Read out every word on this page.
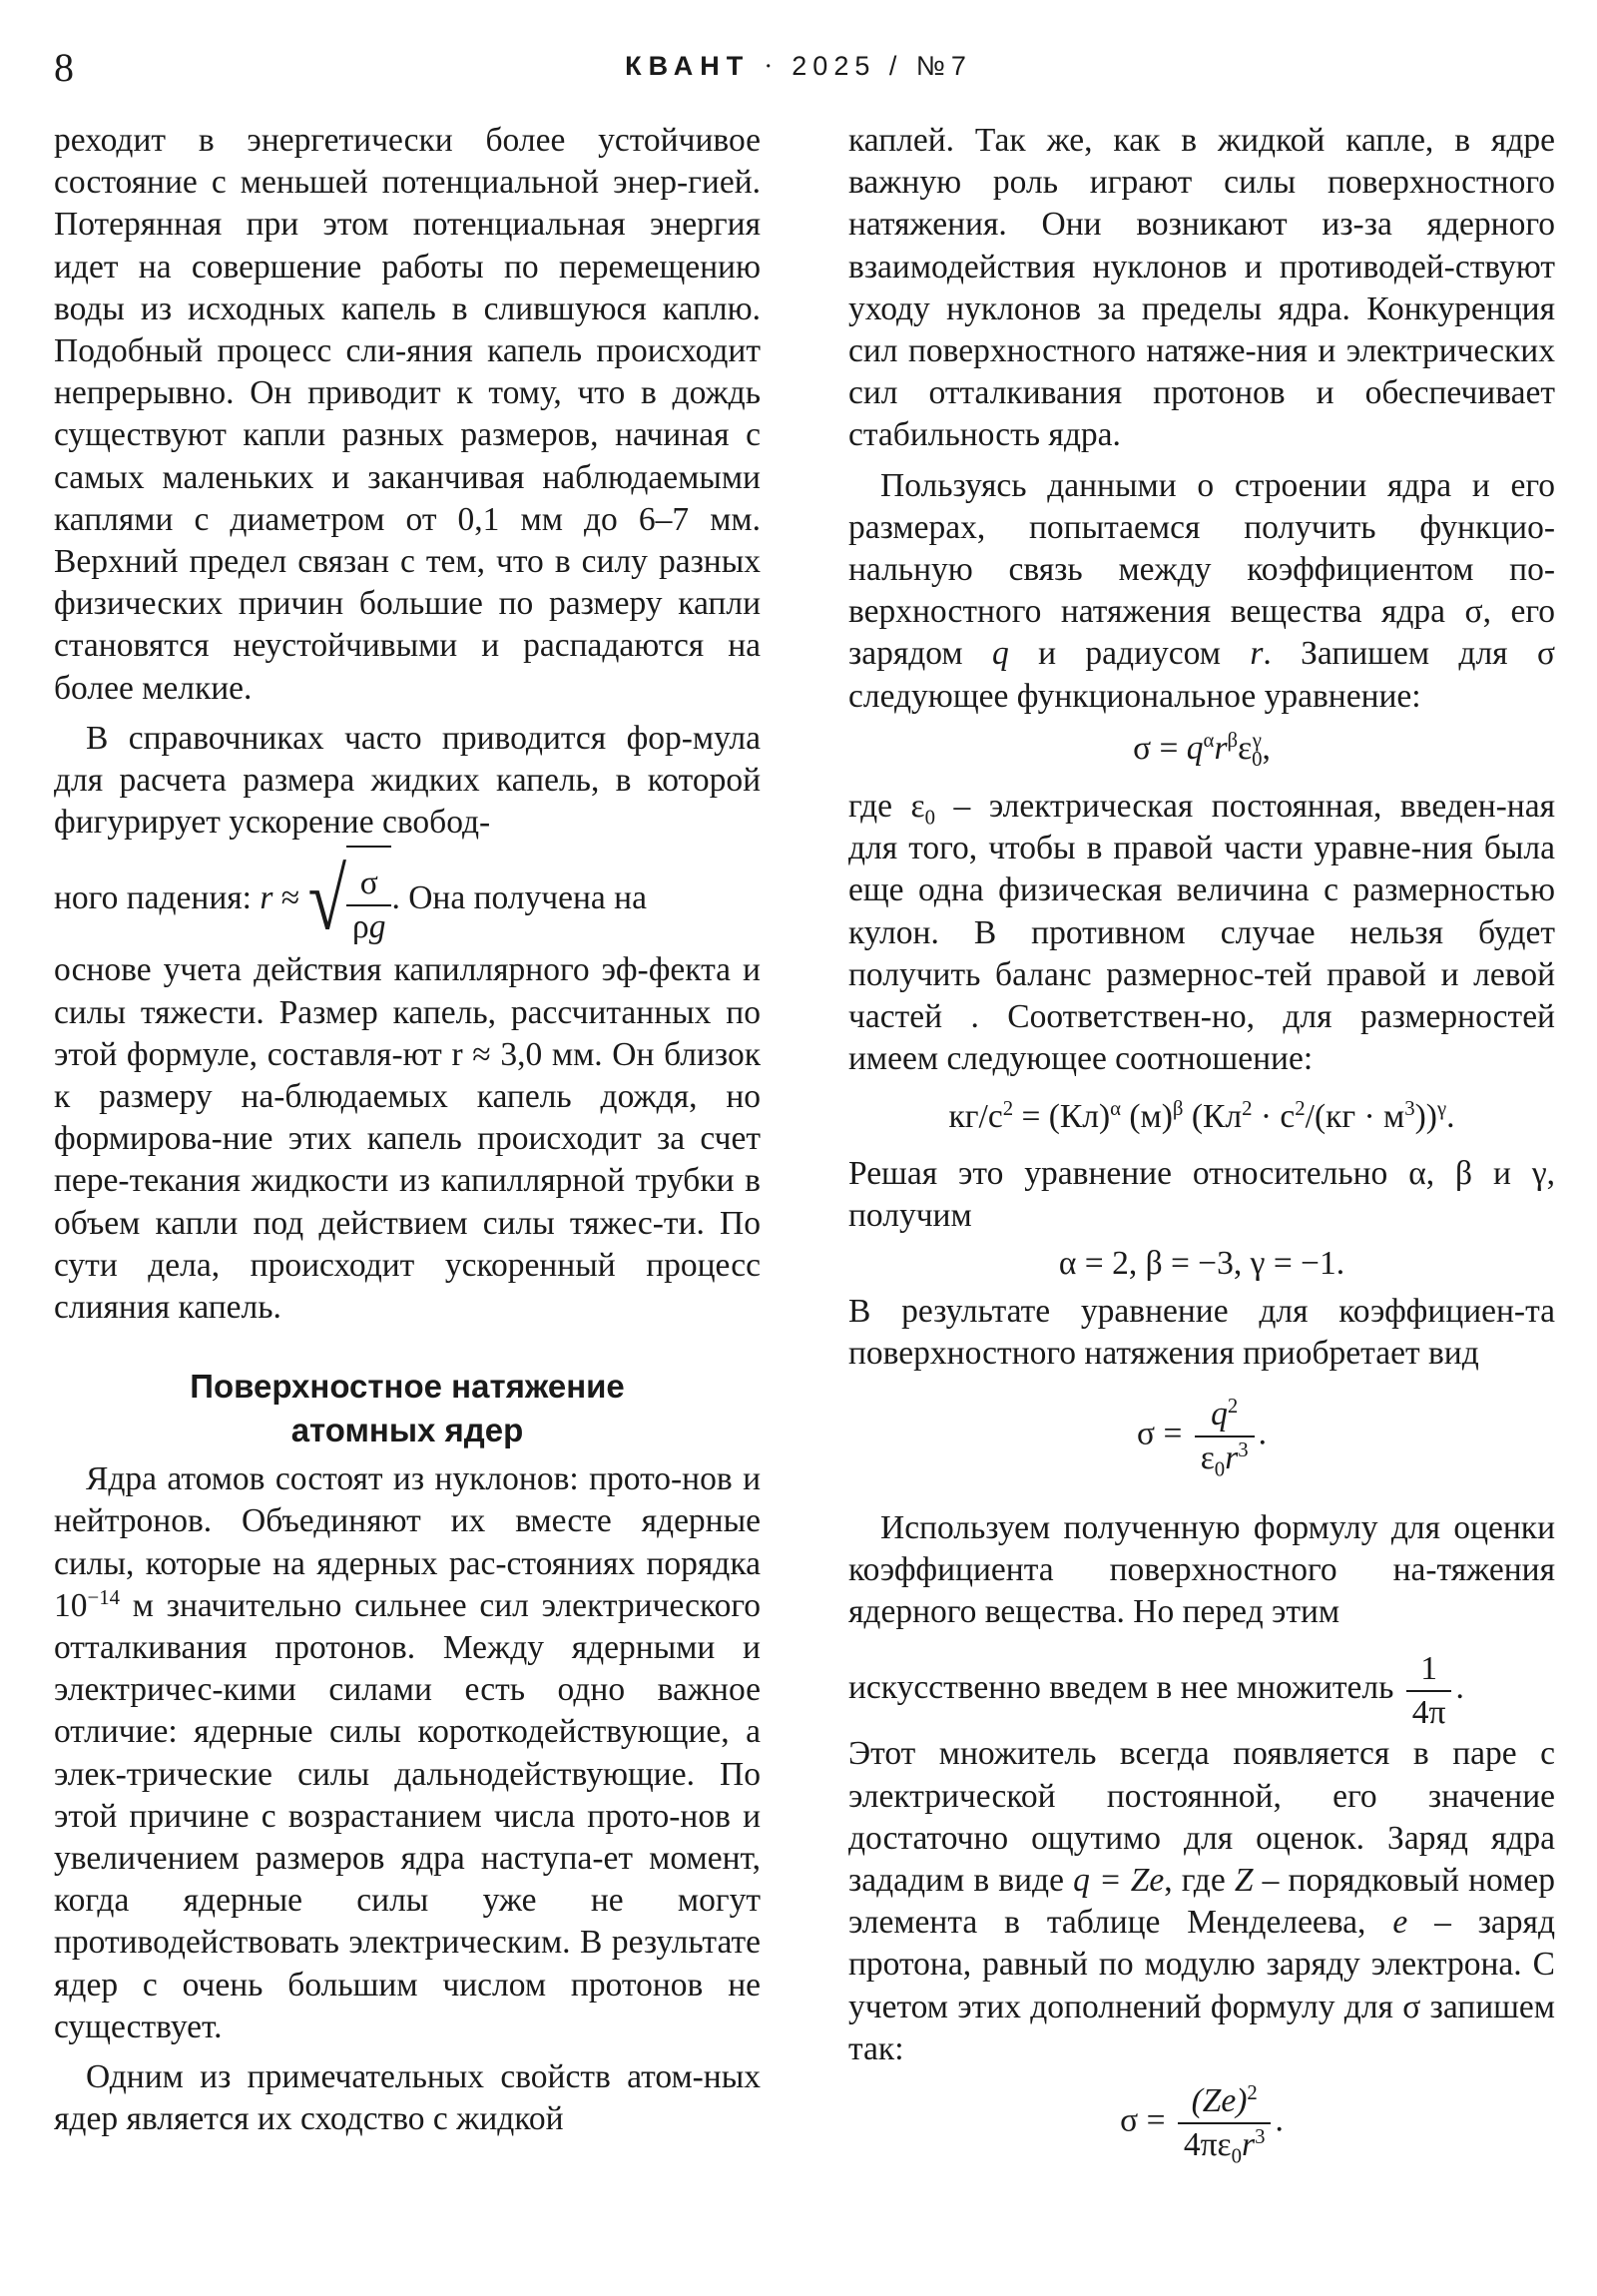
8	КВАНТ · 2025 / №7

реходит в энергетически более устойчивое состояние с меньшей потенциальной энер-гией. Потерянная при этом потенциальная энергия идет на совершение работы по перемещению воды из исходных капель в слившуюся каплю. Подобный процесс сли-яния капель происходит непрерывно. Он приводит к тому, что в дождь существуют капли разных размеров, начиная с самых маленьких и заканчивая наблюдаемыми каплями с диаметром от 0,1 мм до 6–7 мм. Верхний предел связан с тем, что в силу разных физических причин большие по размеру капли становятся неустойчивыми и распадаются на более мелкие.

В справочниках часто приводится фор-мула для расчета размера жидких капель, в которой фигурирует ускорение свобод-

ного падения: r ≈ √ $\frac{\sigma}{\rho g}$ . Она получена на

основе учета действия капиллярного эф-фекта и силы тяжести. Размер капель, рассчитанных по этой формуле, составля-ют r ≈ 3,0 мм. Он близок к размеру на-блюдаемых капель дождя, но формирова-ние этих капель происходит за счет пере-текания жидкости из капиллярной трубки в объем капли под действием силы тяжес-ти. По сути дела, происходит ускоренный процесс слияния капель.

Поверхностное натяжение
атомных ядер

Ядра атомов состоят из нуклонов: прото-нов и нейтронов. Объединяют их вместе ядерные силы, которые на ядерных рас-стояниях порядка $10^{-14}$ м значительно сильнее сил электрического отталкивания протонов. Между ядерными и электричес-кими силами есть одно важное отличие: ядерные силы короткодействующие, а элек-трические силы дальнодействующие. По этой причине с возрастанием числа прото-нов и увеличением размеров ядра наступа-ет момент, когда ядерные силы уже не могут противодействовать электрическим. В результате ядер с очень большим числом протонов не существует.

Одним из примечательных свойств атом-ных ядер является их сходство с жидкой

каплей. Так же, как в жидкой капле, в ядре важную роль играют силы поверхностного натяжения. Они возникают из-за ядерного взаимодействия нуклонов и противодей-ствуют уходу нуклонов за пределы ядра. Конкуренция сил поверхностного натяже-ния и электрических сил отталкивания протонов и обеспечивает стабильность ядра.

Пользуясь данными о строении ядра и его размерах, попытаемся получить функцио-нальную связь между коэффициентом по-верхностного натяжения вещества ядра σ, его зарядом q и радиусом r. Запишем для σ следующее функциональное уравнение:

$\sigma = q^\alpha r^\beta\varepsilon$ γ
0 ,

где $\varepsilon_0$ – электрическая постоянная, введен-ная для того, чтобы в правой части уравне-ния была еще одна физическая величина с размерностью кулон. В противном случае нельзя будет получить баланс размернос-тей правой и левой частей . Соответствен-но, для размерностей имеем следующее соотношение:

$кг/с^2 = (Кл)^\alpha$ $(м)^\beta$ $(Кл^2 \cdot с^2/(кг \cdot м^3))^\gamma$.

Решая это уравнение относительно α, β и γ, получим

α = 2, β = −3, γ = −1.

В результате уравнение для коэффициен-та поверхностного натяжения приобретает вид

$\sigma = \frac{q^2}{\varepsilon_0r^3}$ .

Используем полученную формулу для оценки коэффициента поверхностного на-тяжения ядерного вещества. Но перед этим

искусственно введем в нее множитель $\frac{1}{4\pi}$ .

Этот множитель всегда появляется в паре с электрической постоянной, его значение достаточно ощутимо для оценок. Заряд ядра зададим в виде q = Ze, где Z – порядковый номер элемента в таблице Менделеева, e – заряд протона, равный по модулю заряду электрона. С учетом этих дополнений формулу для σ запишем так:

$\sigma = \frac{(Ze)^2}{4\pi\varepsilon_0r^3}$ .
